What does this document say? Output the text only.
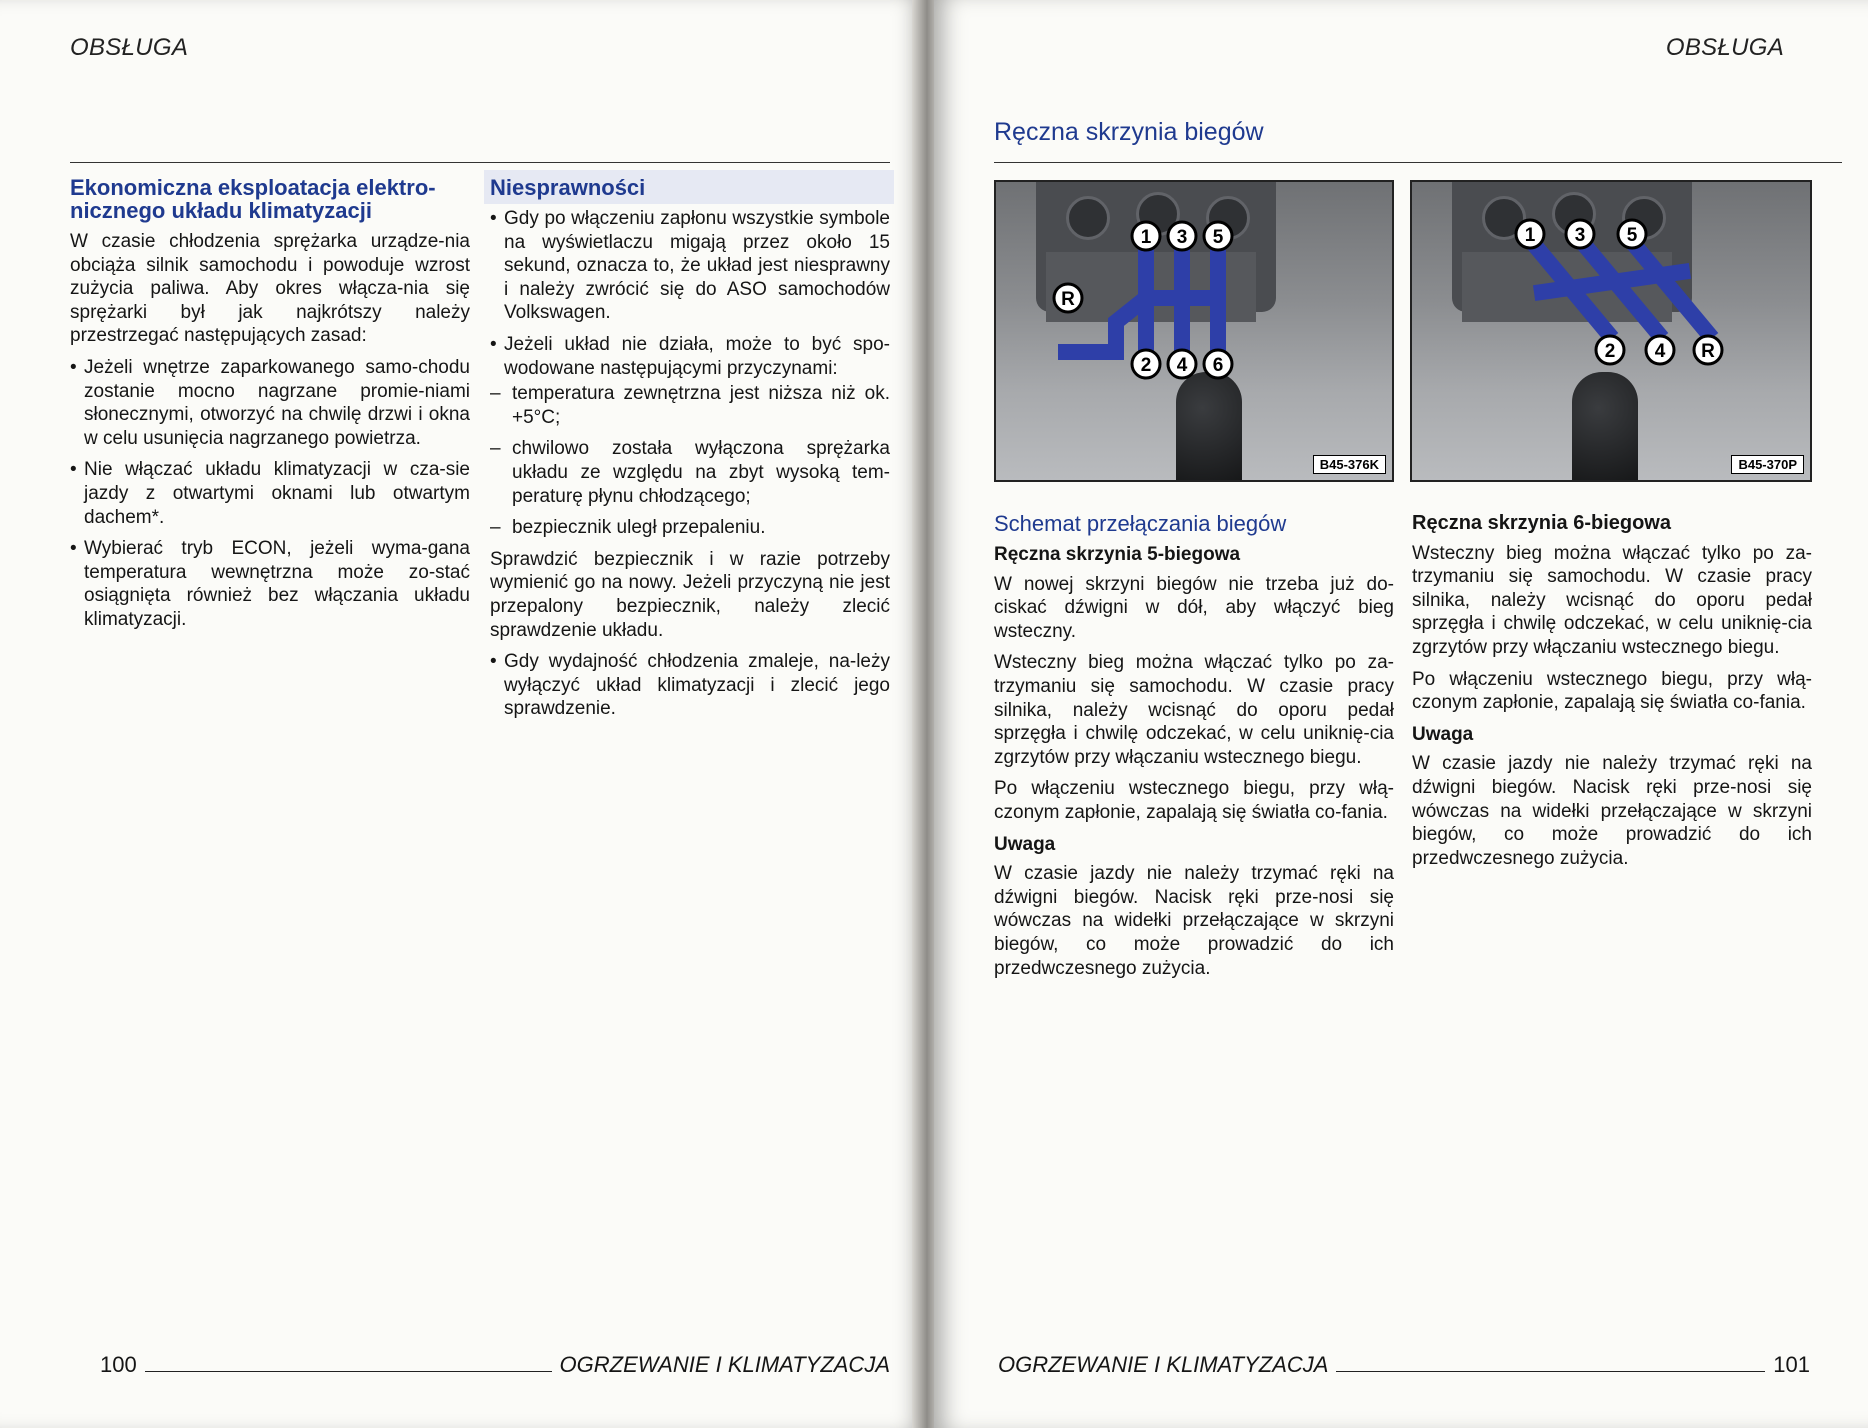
OBSŁUGA
Ekonomiczna eksploatacja elektro-nicznego układu klimatyzacji

W czasie chłodzenia sprężarka urządze-nia obciąża silnik samochodu i powoduje wzrost zużycia paliwa. Aby okres włącza-nia się sprężarki był jak najkrótszy należy przestrzegać następujących zasad:

• Jeżeli wnętrze zaparkowanego samo-chodu zostanie mocno nagrzane promie-niami słonecznymi, otworzyć na chwilę drzwi i okna w celu usunięcia nagrzanego powietrza.

• Nie włączać układu klimatyzacji w cza-sie jazdy z otwartymi oknami lub otwartym dachem*.

• Wybierać tryb ECON, jeżeli wyma-gana temperatura wewnętrzna może zo-stać osiągnięta również bez włączania układu klimatyzacji.

Niesprawności

• Gdy po włączeniu zapłonu wszystkie symbole na wyświetlaczu migają przez około 15 sekund, oznacza to, że układ jest niesprawny i należy zwrócić się do ASO samochodów Volkswagen.

• Jeżeli układ nie działa, może to być spo-wodowane następującymi przyczynami:

– temperatura zewnętrzna jest niższa niż ok. +5°C;

– chwilowo została wyłączona sprężarka układu ze względu na zbyt wysoką tem-peraturę płynu chłodzącego;

– bezpiecznik uległ przepaleniu.

Sprawdzić bezpiecznik i w razie potrzeby wymienić go na nowy. Jeżeli przyczyną nie jest przepalony bezpiecznik, należy zlecić sprawdzenie układu.

• Gdy wydajność chłodzenia zmaleje, na-leży wyłączyć układ klimatyzacji i zlecić jego sprawdzenie.

100	OGRZEWANIE I KLIMATYZACJA
OBSŁUGA
1 3 5
R
2 4 6
B45-376K
1 3 5
2 4 R
B45-370P
Schemat przełączania biegów
Ręczna skrzynia 5-biegowa

W nowej skrzyni biegów nie trzeba już do-ciskać dźwigni w dół, aby włączyć bieg wsteczny.

Wsteczny bieg można włączać tylko po za-trzymaniu się samochodu. W czasie pracy silnika, należy wcisnąć do oporu pedał sprzęgła i chwilę odczekać, w celu uniknię-cia zgrzytów przy włączaniu wstecznego biegu.

Po włączeniu wstecznego biegu, przy włą-czonym zapłonie, zapalają się światła co-fania.

Uwaga

W czasie jazdy nie należy trzymać ręki na dźwigni biegów. Nacisk ręki prze-nosi się wówczas na widełki przełączające w skrzyni biegów, co może prowadzić do ich przedwczesnego zużycia.

Ręczna skrzynia 6-biegowa

Wsteczny bieg można włączać tylko po za-trzymaniu się samochodu. W czasie pracy silnika, należy wcisnąć do oporu pedał sprzęgła i chwilę odczekać, w celu uniknię-cia zgrzytów przy włączaniu wstecznego biegu.

Po włączeniu wstecznego biegu, przy włą-czonym zapłonie, zapalają się światła co-fania.

Uwaga

W czasie jazdy nie należy trzymać ręki na dźwigni biegów. Nacisk ręki prze-nosi się wówczas na widełki przełączające w skrzyni biegów, co może prowadzić do ich przedwczesnego zużycia.

OGRZEWANIE I KLIMATYZACJA	101
Ręczna skrzynia biegów
